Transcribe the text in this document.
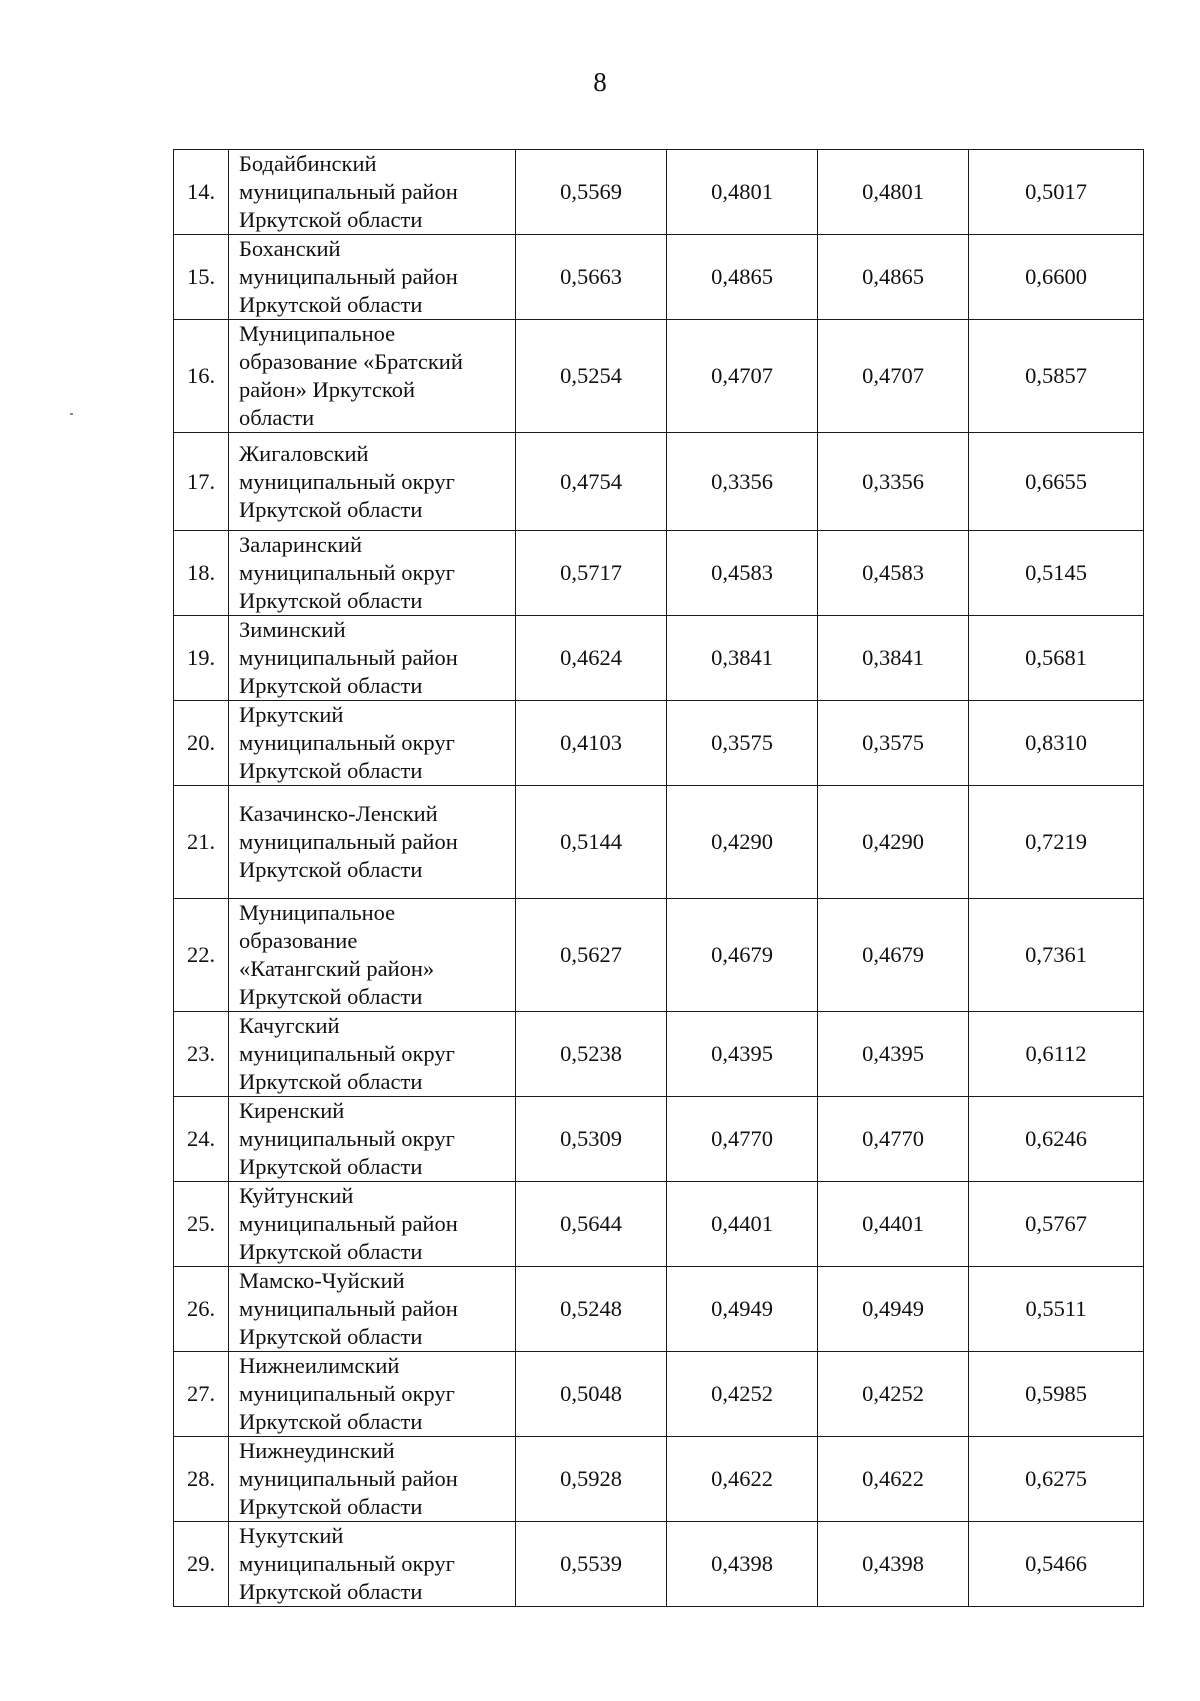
8
14.	Бодайбинский
муниципальный район
Иркутской области	0,5569	0,4801	0,4801	0,5017
15.	Боханский
муниципальный район
Иркутской области	0,5663	0,4865	0,4865	0,6600
16.	Муниципальное
образование «Братский
район» Иркутской
области	0,5254	0,4707	0,4707	0,5857
17.	Жигаловский
муниципальный округ
Иркутской области	0,4754	0,3356	0,3356	0,6655
18.	Заларинский
муниципальный округ
Иркутской области	0,5717	0,4583	0,4583	0,5145
19.	Зиминский
муниципальный район
Иркутской области	0,4624	0,3841	0,3841	0,5681
20.	Иркутский
муниципальный округ
Иркутской области	0,4103	0,3575	0,3575	0,8310
21.	Казачинско-Ленский
муниципальный район
Иркутской области	0,5144	0,4290	0,4290	0,7219
22.	Муниципальное
образование
«Катангский район»
Иркутской области	0,5627	0,4679	0,4679	0,7361
23.	Качугский
муниципальный округ
Иркутской области	0,5238	0,4395	0,4395	0,6112
24.	Киренский
муниципальный округ
Иркутской области	0,5309	0,4770	0,4770	0,6246
25.	Куйтунский
муниципальный район
Иркутской области	0,5644	0,4401	0,4401	0,5767
26.	Мамско-Чуйский
муниципальный район
Иркутской области	0,5248	0,4949	0,4949	0,5511
27.	Нижнеилимский
муниципальный округ
Иркутской области	0,5048	0,4252	0,4252	0,5985
28.	Нижнеудинский
муниципальный район
Иркутской области	0,5928	0,4622	0,4622	0,6275
29.	Нукутский
муниципальный округ
Иркутской области	0,5539	0,4398	0,4398	0,5466
